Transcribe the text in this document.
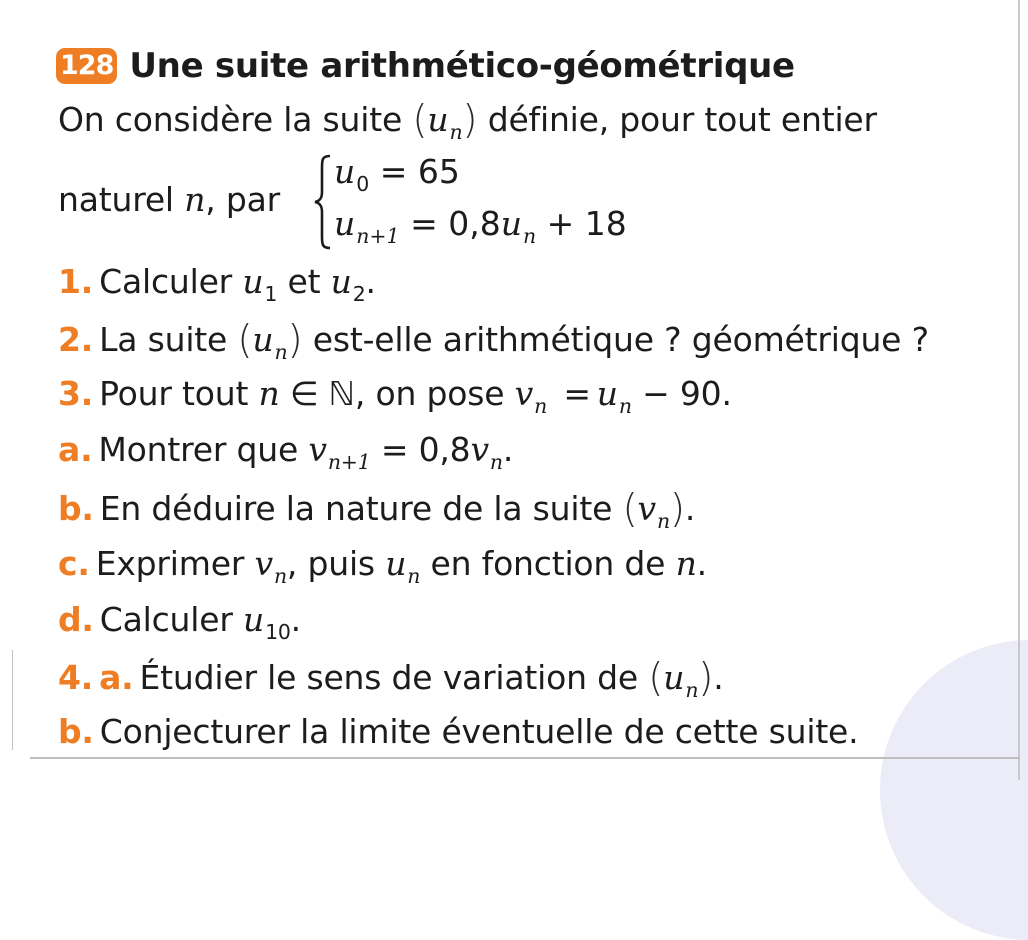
128 Une suite arithmético-géométrique
On considère la suite $(u_n)$ définie, pour tout entier
naturel n, par
$u_0 = 65$
$u_{n+1} = 0,8u_n + 18$
1. Calculer $u_1$ et $u_2$.
2. La suite $(u_n)$ est-elle arithmétique ? géométrique ?
3. Pour tout n ∈ ℕ, on pose $v_n = u_n - 90$.
a. Montrer que $v_{n+1} = 0,8v_n$.
b. En déduire la nature de la suite $(v_n)$.
c. Exprimer $v_n$, puis $u_n$ en fonction de n.
d. Calculer $u_{10}$.
4. a. Étudier le sens de variation de $(u_n)$.
b. Conjecturer la limite éventuelle de cette suite.
